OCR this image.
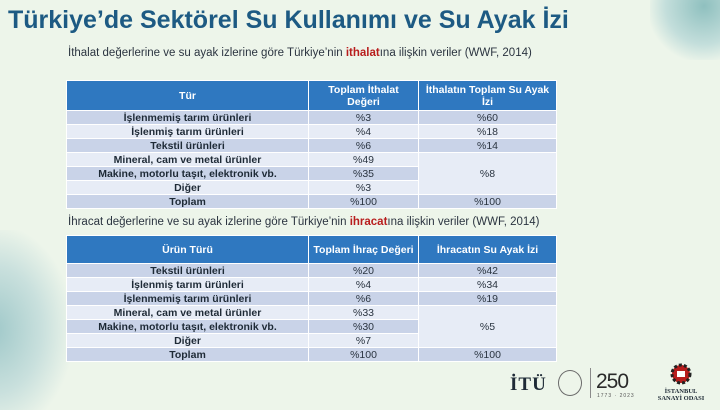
Türkiye’de Sektörel Su Kullanımı ve Su Ayak İzi
İthalat değerlerine ve su ayak izlerine göre Türkiye’nin ithalatına ilişkin veriler (WWF, 2014)
Tür	Toplam İthalat Değeri	İthalatın Toplam Su Ayak İzi
İşlenmemiş tarım ürünleri	%3	%60
İşlenmiş tarım ürünleri	%4	%18
Tekstil ürünleri	%6	%14
Mineral, cam ve metal ürünler	%49	%8
Makine, motorlu taşıt, elektronik vb.	%35	
Diğer	%3	
Toplam	%100	%100
İhracat değerlerine ve su ayak izlerine göre Türkiye’nin ihracatına ilişkin veriler (WWF, 2014)
Ürün Türü	Toplam İhraç Değeri	İhracatın Su Ayak İzi
Tekstil ürünleri	%20	%42
İşlenmiş tarım ürünleri	%4	%34
İşlenmemiş tarım ürünleri	%6	%19
Mineral, cam ve metal ürünler	%33	%5
Makine, motorlu taşıt, elektronik vb.	%30	
Diğer	%7	
Toplam	%100	%100
İTÜ 250
1773 · 2023
İSTANBUL
SANAYİ ODASI
